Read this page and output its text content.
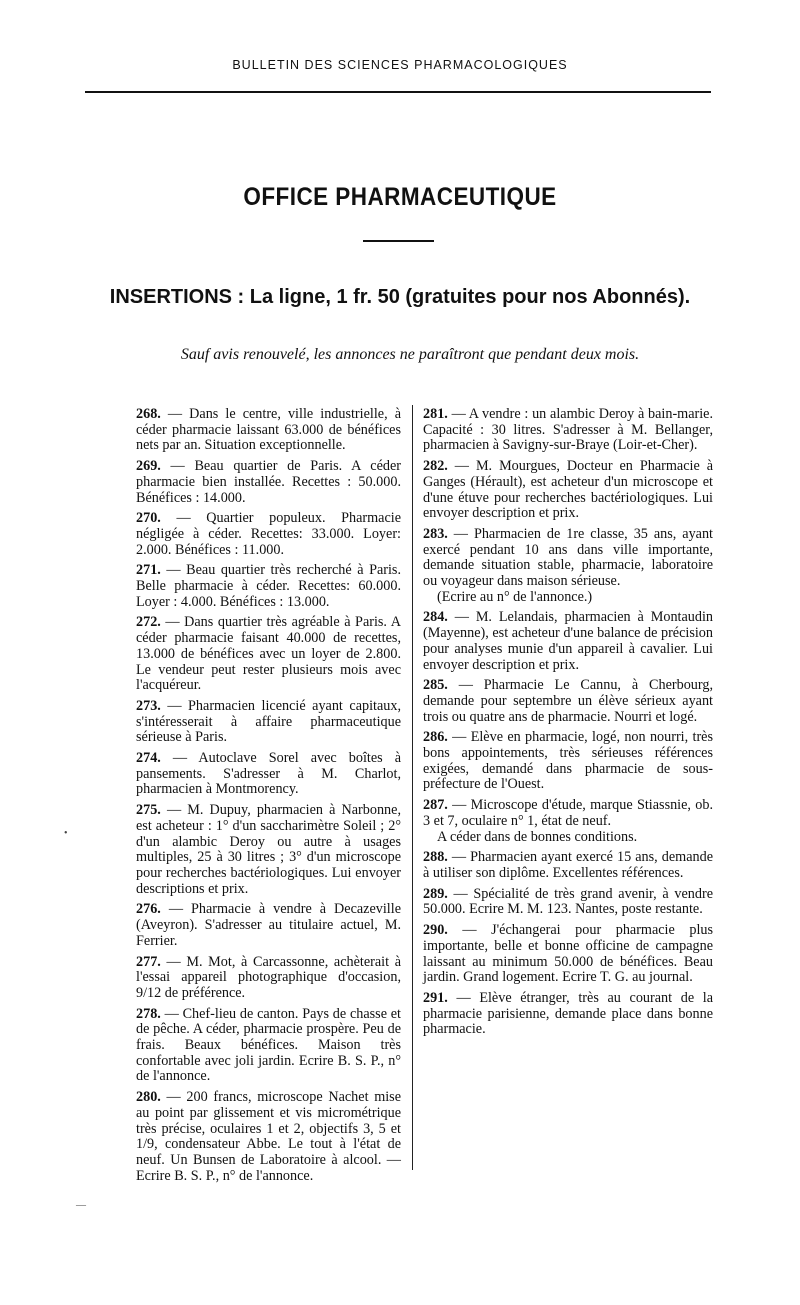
BULLETIN DES SCIENCES PHARMACOLOGIQUES
OFFICE PHARMACEUTIQUE
INSERTIONS : La ligne, 1 fr. 50 (gratuites pour nos Abonnés).
Sauf avis renouvelé, les annonces ne paraîtront que pendant deux mois.
268. — Dans le centre, ville industrielle, à céder pharmacie laissant 63.000 de bénéfices nets par an. Situation exceptionnelle.
269. — Beau quartier de Paris. A céder pharmacie bien installée. Recettes : 50.000. Bénéfices : 14.000.
270. — Quartier populeux. Pharmacie négligée à céder. Recettes: 33.000. Loyer: 2.000. Bénéfices : 11.000.
271. — Beau quartier très recherché à Paris. Belle pharmacie à céder. Recettes: 60.000. Loyer : 4.000. Bénéfices : 13.000.
272. — Dans quartier très agréable à Paris. A céder pharmacie faisant 40.000 de recettes, 13.000 de bénéfices avec un loyer de 2.800. Le vendeur peut rester plusieurs mois avec l'acquéreur.
273. — Pharmacien licencié ayant capitaux, s'intéresserait à affaire pharmaceutique sérieuse à Paris.
274. — Autoclave Sorel avec boîtes à pansements. S'adresser à M. Charlot, pharmacien à Montmorency.
275. — M. Dupuy, pharmacien à Narbonne, est acheteur : 1° d'un saccharimètre Soleil ; 2° d'un alambic Deroy ou autre à usages multiples, 25 à 30 litres ; 3° d'un microscope pour recherches bactériologiques. Lui envoyer descriptions et prix.
276. — Pharmacie à vendre à Decazeville (Aveyron). S'adresser au titulaire actuel, M. Ferrier.
277. — M. Mot, à Carcassonne, achèterait à l'essai appareil photographique d'occasion, 9/12 de préférence.
278. — Chef-lieu de canton. Pays de chasse et de pêche. A céder, pharmacie prospère. Peu de frais. Beaux bénéfices. Maison très confortable avec joli jardin. Ecrire B. S. P., n° de l'annonce.
280. — 200 francs, microscope Nachet mise au point par glissement et vis micrométrique très précise, oculaires 1 et 2, objectifs 3, 5 et 1/9, condensateur Abbe. Le tout à l'état de neuf. Un Bunsen de Laboratoire à alcool. — Ecrire B. S. P., n° de l'annonce.
281. — A vendre : un alambic Deroy à bain-marie. Capacité : 30 litres. S'adresser à M. Bellanger, pharmacien à Savigny-sur-Braye (Loir-et-Cher).
282. — M. Mourgues, Docteur en Pharmacie à Ganges (Hérault), est acheteur d'un microscope et d'une étuve pour recherches bactériologiques. Lui envoyer description et prix.
283. — Pharmacien de 1re classe, 35 ans, ayant exercé pendant 10 ans dans ville importante, demande situation stable, pharmacie, laboratoire ou voyageur dans maison sérieuse.
(Ecrire au n° de l'annonce.)
284. — M. Lelandais, pharmacien à Montaudin (Mayenne), est acheteur d'une balance de précision pour analyses munie d'un appareil à cavalier. Lui envoyer description et prix.
285. — Pharmacie Le Cannu, à Cherbourg, demande pour septembre un élève sérieux ayant trois ou quatre ans de pharmacie. Nourri et logé.
286. — Elève en pharmacie, logé, non nourri, très bons appointements, très sérieuses références exigées, demandé dans pharmacie de sous-préfecture de l'Ouest.
287. — Microscope d'étude, marque Stiassnie, ob. 3 et 7, oculaire n° 1, état de neuf.
A céder dans de bonnes conditions.
288. — Pharmacien ayant exercé 15 ans, demande à utiliser son diplôme. Excellentes références.
289. — Spécialité de très grand avenir, à vendre 50.000. Ecrire M. M. 123. Nantes, poste restante.
290. — J'échangerai pour pharmacie plus importante, belle et bonne officine de campagne laissant au minimum 50.000 de bénéfices. Beau jardin. Grand logement. Ecrire T. G. au journal.
291. — Elève étranger, très au courant de la pharmacie parisienne, demande place dans bonne pharmacie.
•
—
